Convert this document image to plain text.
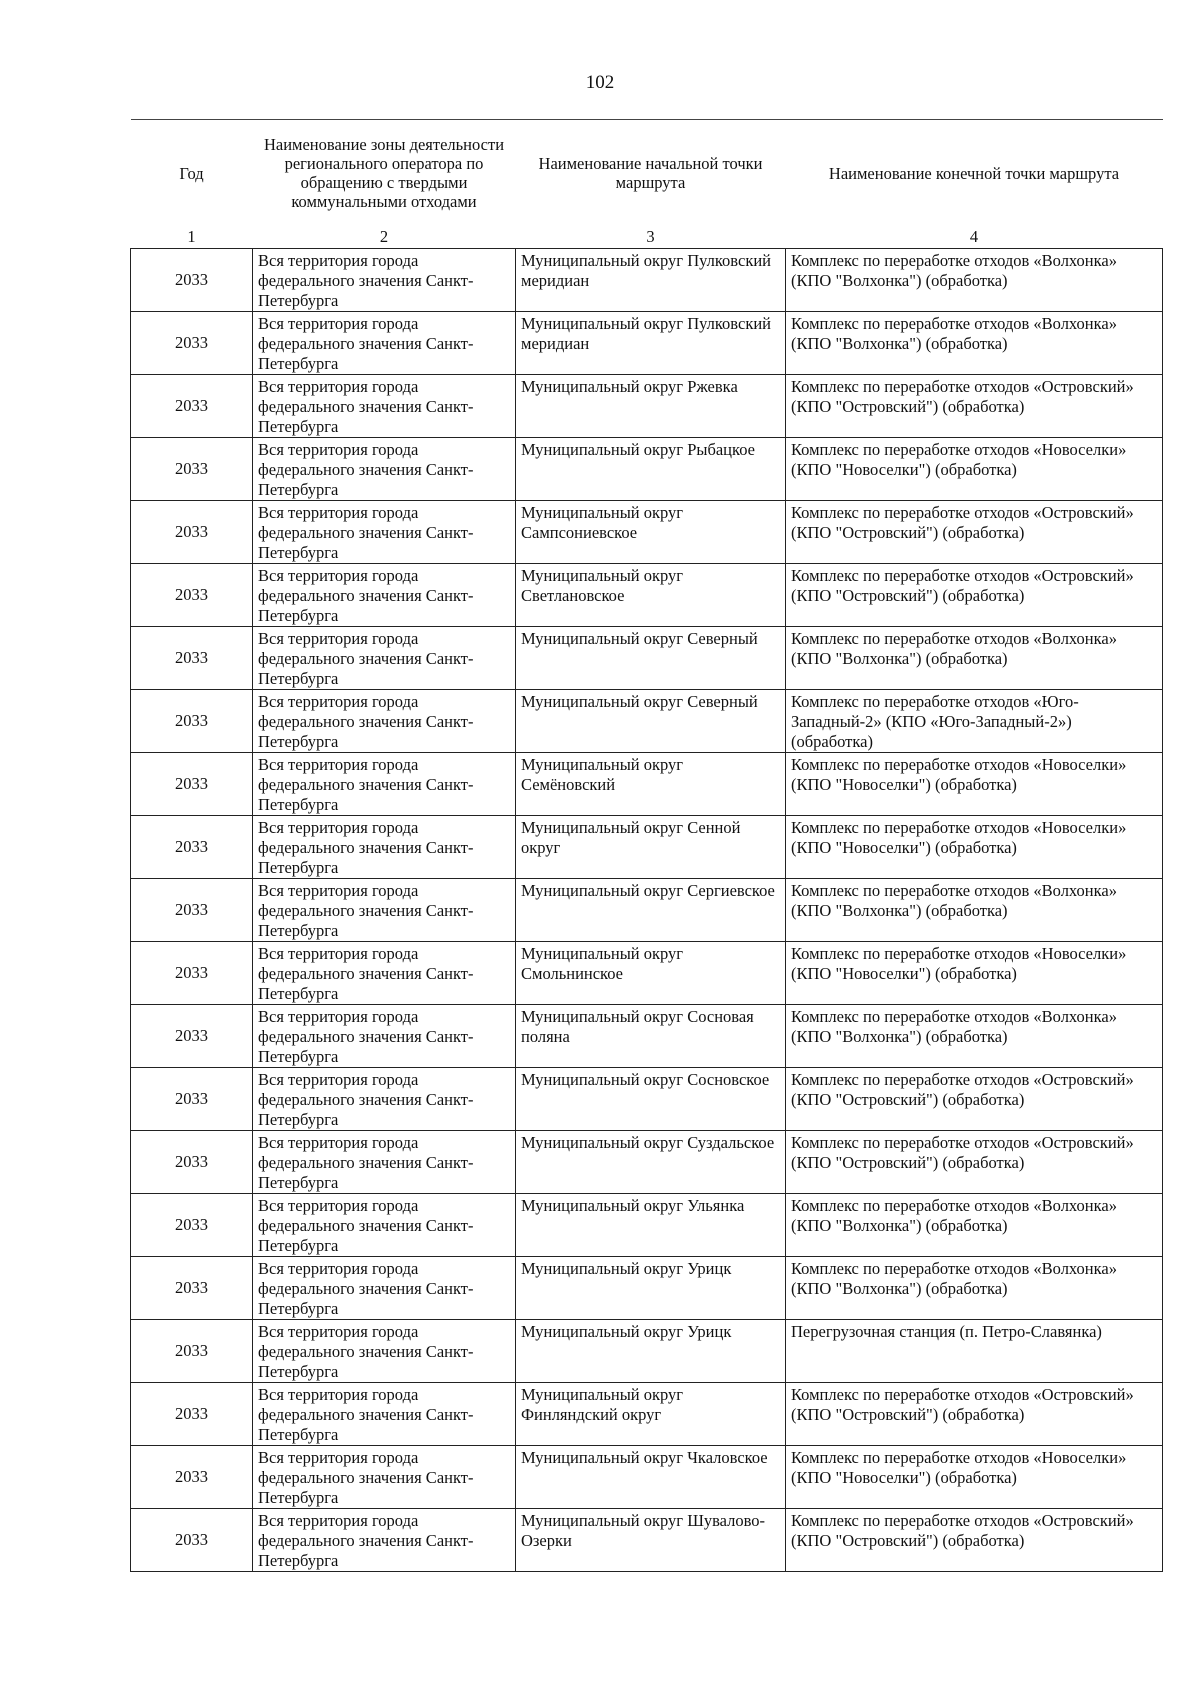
102
Год	Наименование зоны деятельности регионального оператора по обращению с твердыми коммунальными отходами	Наименование начальной точки маршрута	Наименование конечной точки маршрута
1	2	3	4
2033	Вся территория города федерального значения Санкт-Петербурга	Муниципальный округ Пулковский меридиан	Комплекс по переработке отходов «Волхонка» (КПО "Волхонка") (обработка)
2033	Вся территория города федерального значения Санкт-Петербурга	Муниципальный округ Пулковский меридиан	Комплекс по переработке отходов «Волхонка» (КПО "Волхонка") (обработка)
2033	Вся территория города федерального значения Санкт-Петербурга	Муниципальный округ Ржевка	Комплекс по переработке отходов «Островский» (КПО "Островский") (обработка)
2033	Вся территория города федерального значения Санкт-Петербурга	Муниципальный округ Рыбацкое	Комплекс по переработке отходов «Новоселки» (КПО "Новоселки") (обработка)
2033	Вся территория города федерального значения Санкт-Петербурга	Муниципальный округ Сампсониевское	Комплекс по переработке отходов «Островский» (КПО "Островский") (обработка)
2033	Вся территория города федерального значения Санкт-Петербурга	Муниципальный округ Светлановское	Комплекс по переработке отходов «Островский» (КПО "Островский") (обработка)
2033	Вся территория города федерального значения Санкт-Петербурга	Муниципальный округ Северный	Комплекс по переработке отходов «Волхонка» (КПО "Волхонка") (обработка)
2033	Вся территория города федерального значения Санкт-Петербурга	Муниципальный округ Северный	Комплекс по переработке отходов «Юго-Западный-2» (КПО «Юго-Западный-2») (обработка)
2033	Вся территория города федерального значения Санкт-Петербурга	Муниципальный округ Семёновский	Комплекс по переработке отходов «Новоселки» (КПО "Новоселки") (обработка)
2033	Вся территория города федерального значения Санкт-Петербурга	Муниципальный округ Сенной округ	Комплекс по переработке отходов «Новоселки» (КПО "Новоселки") (обработка)
2033	Вся территория города федерального значения Санкт-Петербурга	Муниципальный округ Сергиевское	Комплекс по переработке отходов «Волхонка» (КПО "Волхонка") (обработка)
2033	Вся территория города федерального значения Санкт-Петербурга	Муниципальный округ Смольнинское	Комплекс по переработке отходов «Новоселки» (КПО "Новоселки") (обработка)
2033	Вся территория города федерального значения Санкт-Петербурга	Муниципальный округ Сосновая поляна	Комплекс по переработке отходов «Волхонка» (КПО "Волхонка") (обработка)
2033	Вся территория города федерального значения Санкт-Петербурга	Муниципальный округ Сосновское	Комплекс по переработке отходов «Островский» (КПО "Островский") (обработка)
2033	Вся территория города федерального значения Санкт-Петербурга	Муниципальный округ Суздальское	Комплекс по переработке отходов «Островский» (КПО "Островский") (обработка)
2033	Вся территория города федерального значения Санкт-Петербурга	Муниципальный округ Ульянка	Комплекс по переработке отходов «Волхонка» (КПО "Волхонка") (обработка)
2033	Вся территория города федерального значения Санкт-Петербурга	Муниципальный округ Урицк	Комплекс по переработке отходов «Волхонка» (КПО "Волхонка") (обработка)
2033	Вся территория города федерального значения Санкт-Петербурга	Муниципальный округ Урицк	Перегрузочная станция (п. Петро-Славянка)
2033	Вся территория города федерального значения Санкт-Петербурга	Муниципальный округ Финляндский округ	Комплекс по переработке отходов «Островский» (КПО "Островский") (обработка)
2033	Вся территория города федерального значения Санкт-Петербурга	Муниципальный округ Чкаловское	Комплекс по переработке отходов «Новоселки» (КПО "Новоселки") (обработка)
2033	Вся территория города федерального значения Санкт-Петербурга	Муниципальный округ Шувалово-Озерки	Комплекс по переработке отходов «Островский» (КПО "Островский") (обработка)
